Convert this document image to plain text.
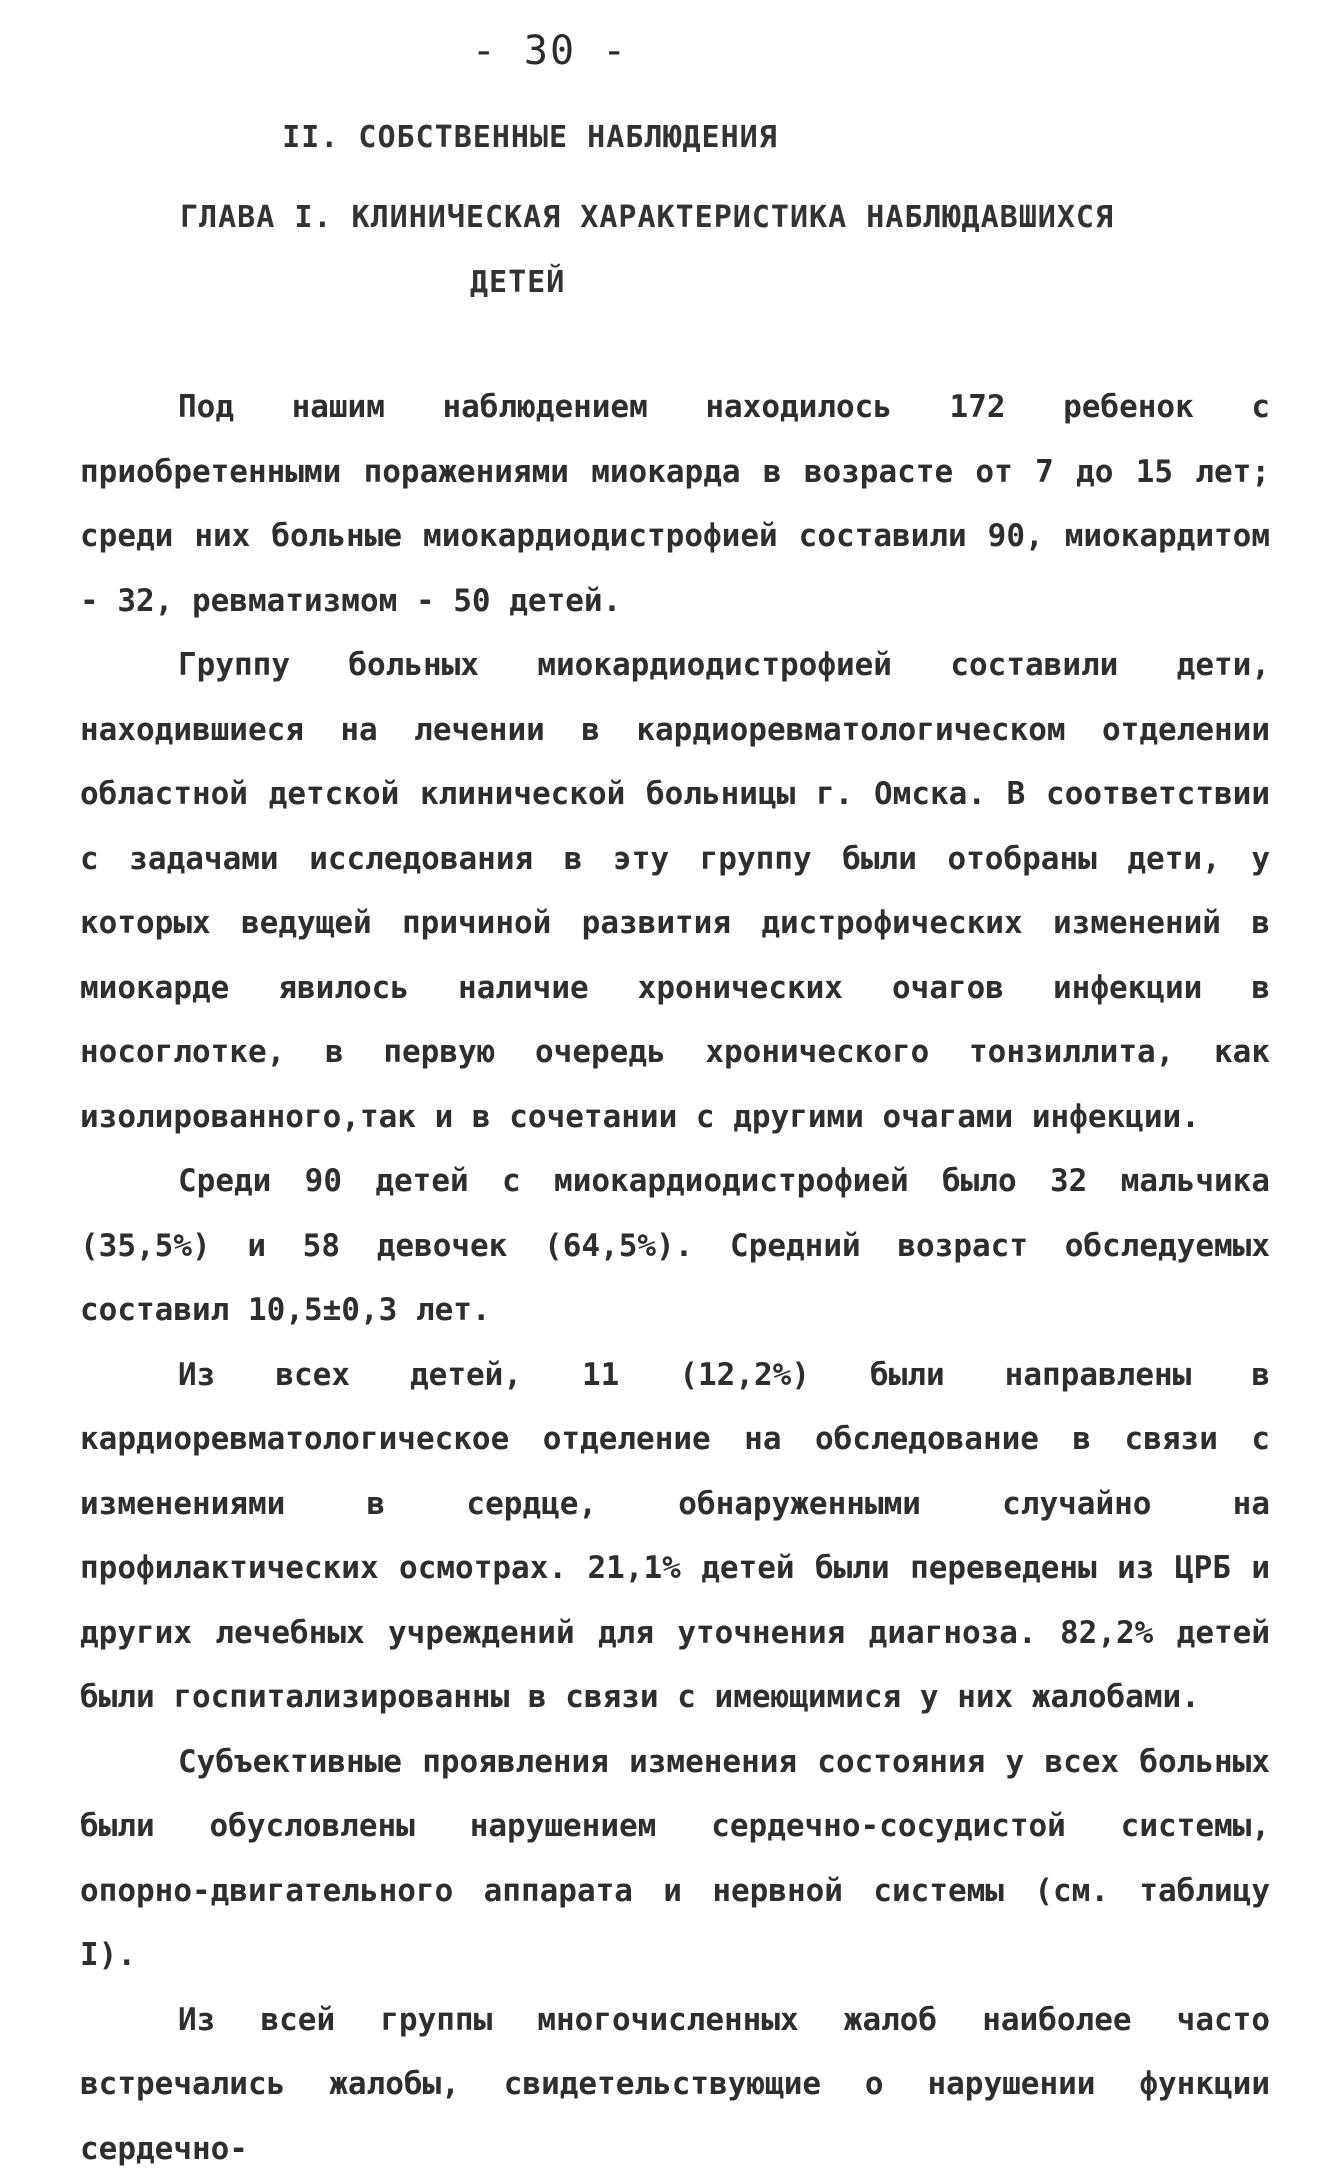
- 30 -
II. СОБСТВЕННЫЕ НАБЛЮДЕНИЯ
ГЛАВА I. КЛИНИЧЕСКАЯ ХАРАКТЕРИСТИКА НАБЛЮДАВШИХСЯ
ДЕТЕЙ

Под нашим наблюдением находилось 172 ребенок с приобретенными поражениями миокарда в возрасте от 7 до 15 лет; среди них больные миокардиодистрофией составили 90, миокардитом - 32, ревматизмом - 50 детей.

Группу больных миокардиодистрофией составили дети, находившиеся на лечении в кардиоревматологическом отделении областной детской клинической больницы г. Омска. В соответствии с задачами исследования в эту группу были отобраны дети, у которых ведущей причиной развития дистрофических изменений в миокарде явилось наличие хронических очагов инфекции в носоглотке, в первую очередь хронического тонзиллита, как изолированного,так и в сочетании с другими очагами инфекции.

Среди 90 детей с миокардиодистрофией было 32 мальчика (35,5%) и 58 девочек (64,5%). Средний возраст обследуемых составил 10,5±0,3 лет.

Из всех детей, 11 (12,2%) были направлены в кардиоревматологическое отделение на обследование в связи с изменениями в сердце, обнаруженными случайно на профилактических осмотрах. 21,1% детей были переведены из ЦРБ и других лечебных учреждений для уточнения диагноза. 82,2% детей были госпитализированны в связи с имеющимися у них жалобами.

Субъективные проявления изменения состояния у всех больных были обусловлены нарушением сердечно-сосудистой системы, опорно-двигательного аппарата и нервной системы (см. таблицу I).

Из всей группы многочисленных жалоб наиболее часто встречались жалобы, свидетельствующие о нарушении функции сердечно-
